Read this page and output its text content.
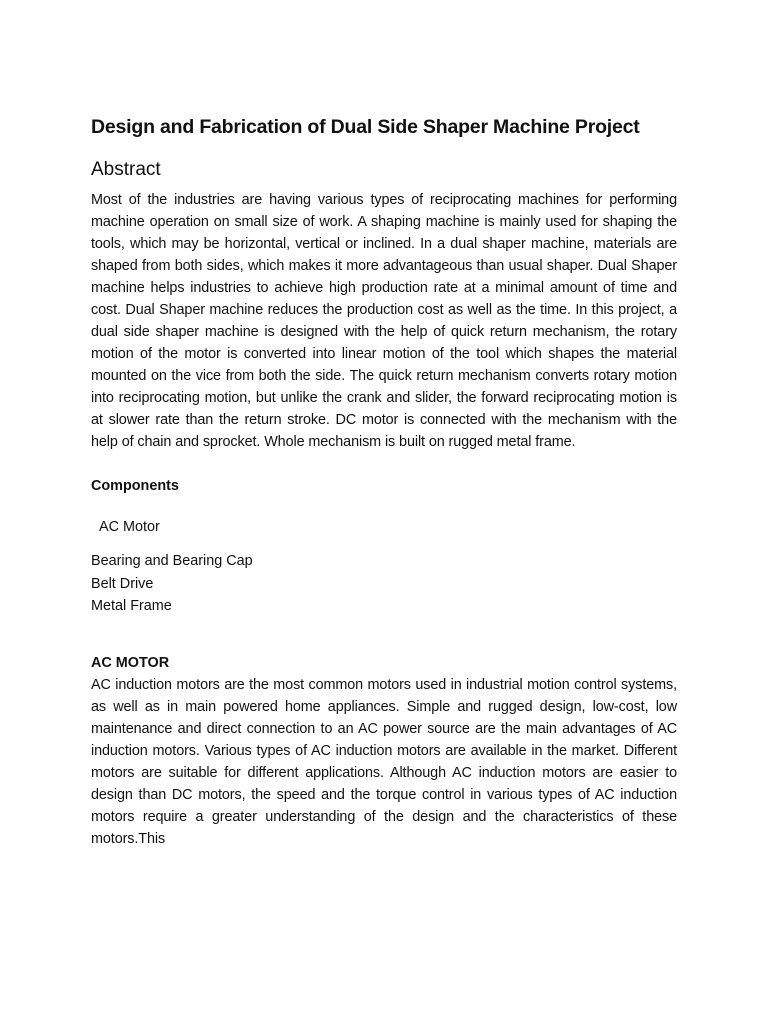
Design and Fabrication of Dual Side Shaper Machine Project
Abstract

Most of the industries are having various types of reciprocating machines for performing machine operation on small size of work. A shaping machine is mainly used for shaping the tools, which may be horizontal, vertical or inclined. In a dual shaper machine, materials are shaped from both sides, which makes it more advantageous than usual shaper. Dual Shaper machine helps industries to achieve high production rate at a minimal amount of time and cost. Dual Shaper machine reduces the production cost as well as the time. In this project, a dual side shaper machine is designed with the help of quick return mechanism, the rotary motion of the motor is converted into linear motion of the tool which shapes the material mounted on the vice from both the side. The quick return mechanism converts rotary motion into reciprocating motion, but unlike the crank and slider, the forward reciprocating motion is at slower rate than the return stroke. DC motor is connected with the mechanism with the help of chain and sprocket. Whole mechanism is built on rugged metal frame.

Components
AC Motor
Bearing and Bearing Cap
Belt Drive
Metal Frame
AC MOTOR

AC induction motors are the most common motors used in industrial motion control systems, as well as in main powered home appliances. Simple and rugged design, low-cost, low maintenance and direct connection to an AC power source are the main advantages of AC induction motors. Various types of AC induction motors are available in the market. Different motors are suitable for different applications. Although AC induction motors are easier to design than DC motors, the speed and the torque control in various types of AC induction motors require a greater understanding of the design and the characteristics of these motors.This
